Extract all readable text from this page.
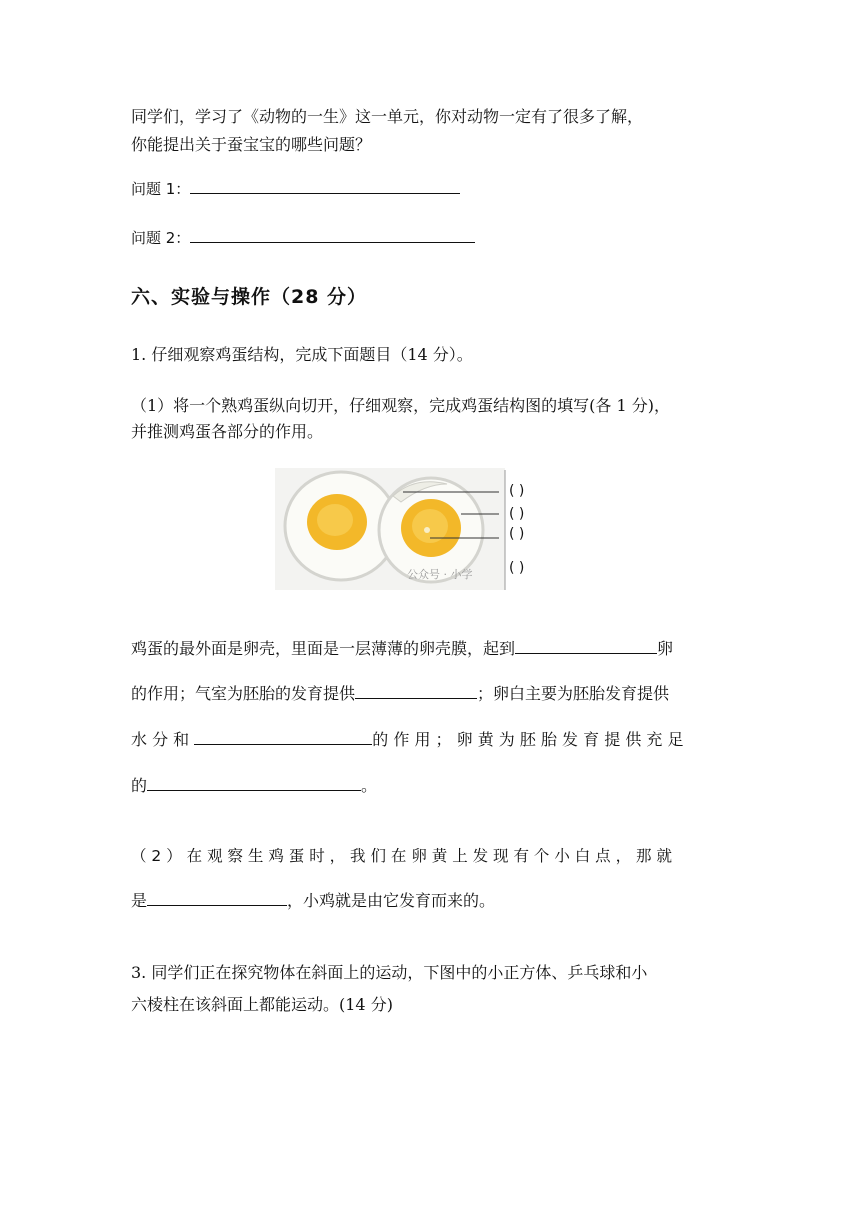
同学们，学习了《动物的一生》这一单元，你对动物一定有了很多了解，
你能提出关于蚕宝宝的哪些问题？
问题 1：
问题 2：
六、实验与操作（28 分）
1. 仔细观察鸡蛋结构，完成下面题目（14 分）。
（1）将一个熟鸡蛋纵向切开，仔细观察，完成鸡蛋结构图的填写(各 1 分)，
并推测鸡蛋各部分的作用。
( )
( )
( )
( )
公众号 · 小学
鸡蛋的最外面是卵壳，里面是一层薄薄的卵壳膜，起到	卵
的作用；气室为胚胎的发育提供	；卵白主要为胚胎发育提供
水 分 和	的 作 用 ； 卵 黄 为 胚 胎 发 育 提 供 充 足
的	。
（ 2 ） 在 观 察 生 鸡 蛋 时 ， 我 们 在 卵 黄 上 发 现 有 个 小 白 点 ， 那 就
是	，小鸡就是由它发育而来的。
3. 同学们正在探究物体在斜面上的运动，下图中的小正方体、乒乓球和小
六棱柱在该斜面上都能运动。(14 分)
